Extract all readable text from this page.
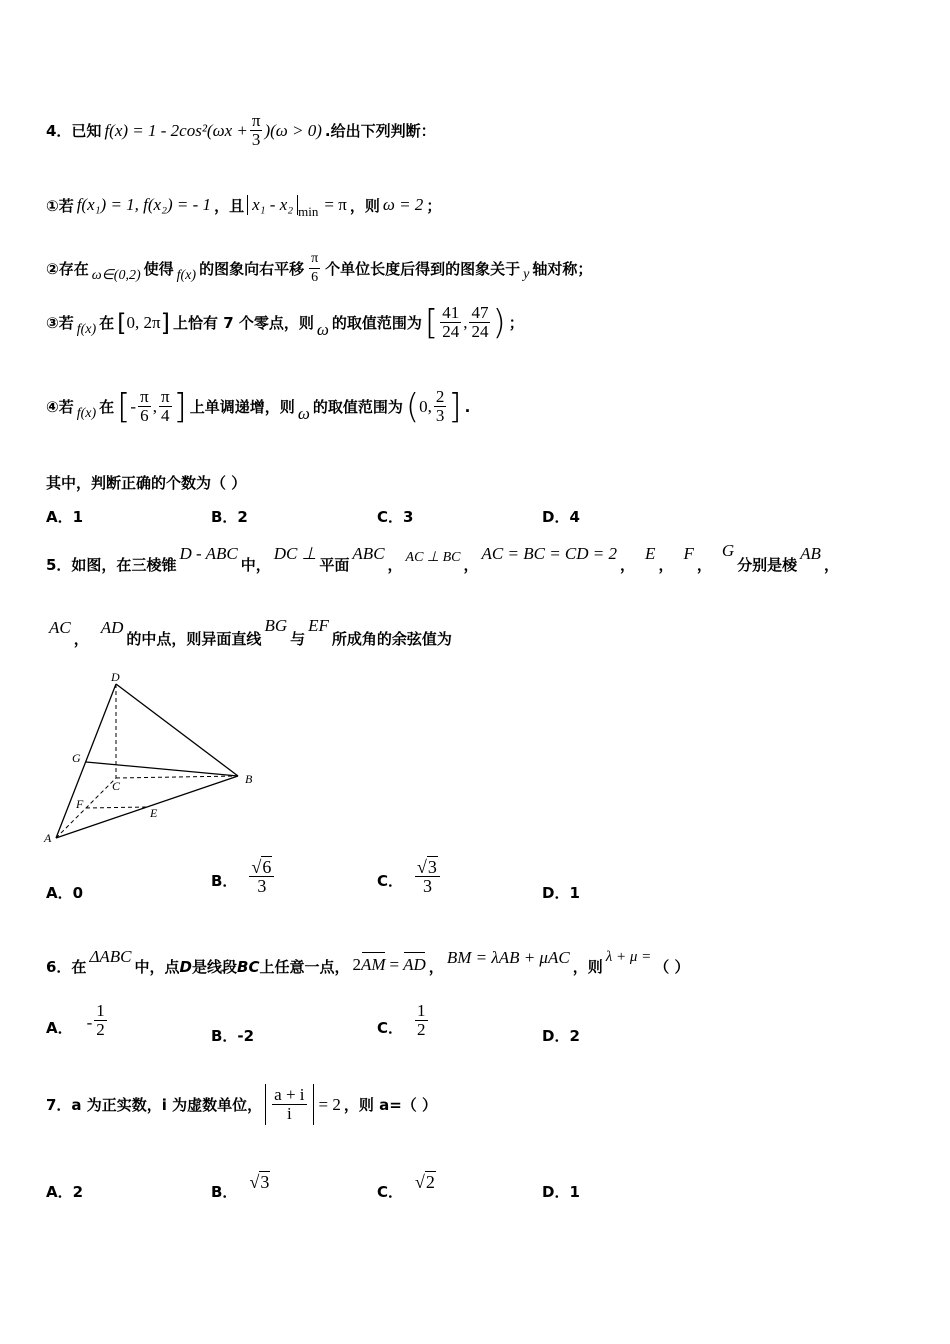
4．已知 $f(x) = 1 - 2\cos^2(\omega x + \frac{\pi}{3} )(\omega > 0)$ .给出下列判断：
①若 f(x₁) = 1, f(x₂) = - 1 ，且 x₁ - x₂ min = π ，则 ω = 2 ；
②存在 ω∈(0,2) 使得 f(x) 的图象向右平移 $\frac{\pi}{6}$ 个单位长度后得到的图象关于 y 轴对称；
③若 f(x) 在 [ 0, 2π ] 上恰有 7 个零点，则 ω 的取值范围为 [ $\frac{41}{24}$ , $\frac{47}{24}$ ) ；
④若 f(x) 在 [ - $\frac{\pi}{6}$ , $\frac{\pi}{4}$ ] 上单调递增，则 ω 的取值范围为 ( 0, $\frac{2}{3}$ ] .
其中，判断正确的个数为（ ）
A．1	B．2	C．3	D．4
5．如图，在三棱锥
D - ABC
中，
DC ⊥
平面
ABC
， AC ⊥ BC ，
AC = BC = CD = 2
，
E
，
F
，
G
分别是棱
AB
，
AC
，
AD
的中点，则异面直线
BG
与
EF
所成角的余弦值为
D
G
C	B
F
E
A
A．0
B． $\frac{√6}{3}$	C． $\frac{√3}{3}$	D．1
6．在
ΔABC
中，点 D 是线段 BC 上任意一点， 2 AM = AD ，
BM = λAB + μAC
，则
λ + μ =
（ ）
A． - $\frac{1}{2}$	B．-2	C． $\frac{1}{2}$	D．2
7．a 为正实数，i 为虚数单位， $\frac{a + i}{i} = 2$ ，则 a=（ ）
A．2	B．
√3
C．
√2
D．1
